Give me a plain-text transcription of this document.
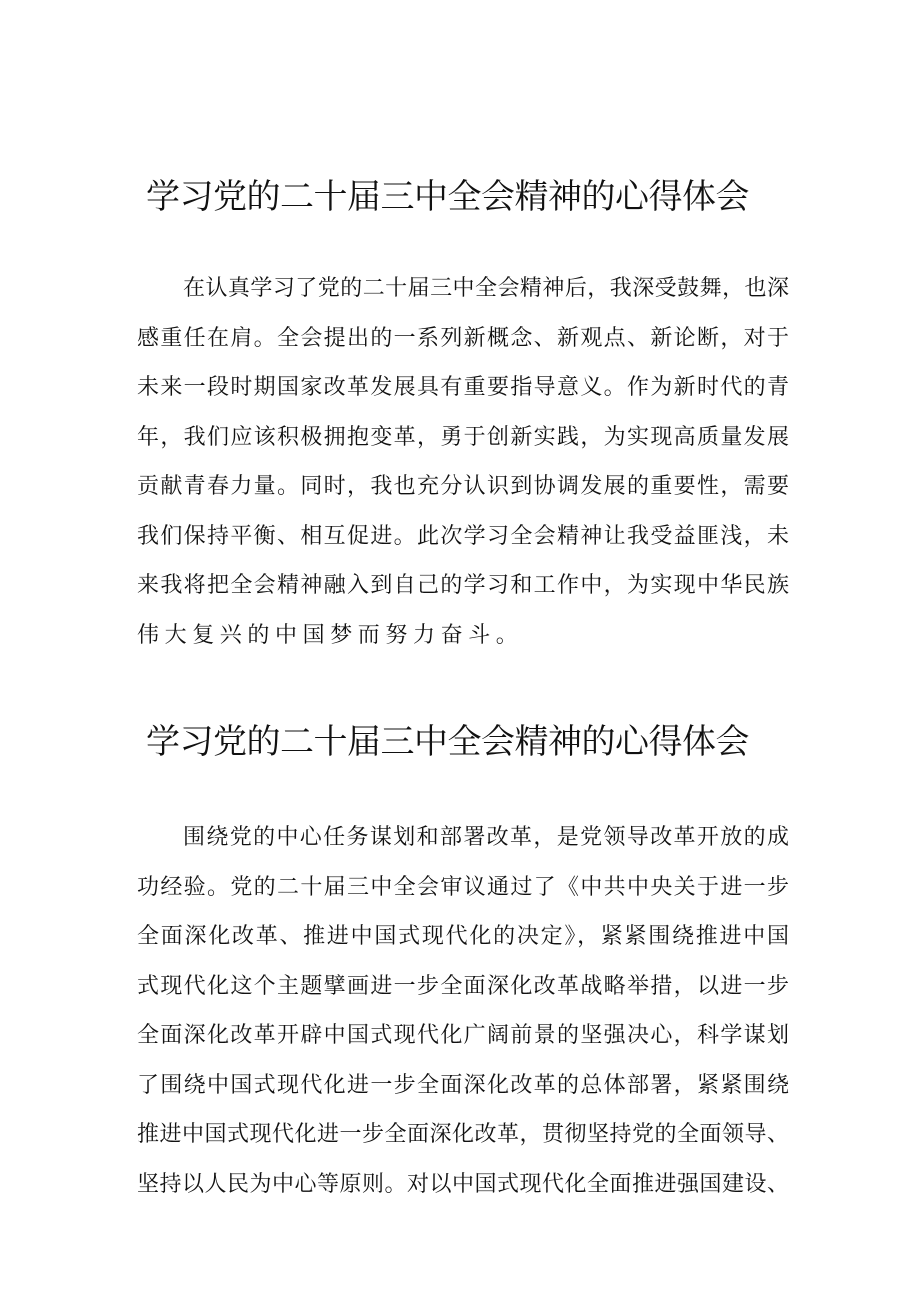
学习党的二十届三中全会精神的心得体会
在认真学习了党的二十届三中全会精神后，我深受鼓舞，也深
感重任在肩。全会提出的一系列新概念、新观点、新论断，对于
未来一段时期国家改革发展具有重要指导意义。作为新时代的青
年，我们应该积极拥抱变革，勇于创新实践，为实现高质量发展
贡献青春力量。同时，我也充分认识到协调发展的重要性，需要
我们保持平衡、相互促进。此次学习全会精神让我受益匪浅，未
来我将把全会精神融入到自己的学习和工作中，为实现中华民族
伟大复兴的中国梦而努力奋斗。
学习党的二十届三中全会精神的心得体会
围绕党的中心任务谋划和部署改革，是党领导改革开放的成
功经验。党的二十届三中全会审议通过了《中共中央关于进一步
全面深化改革、推进中国式现代化的决定》，紧紧围绕推进中国
式现代化这个主题擘画进一步全面深化改革战略举措，以进一步
全面深化改革开辟中国式现代化广阔前景的坚强决心，科学谋划
了围绕中国式现代化进一步全面深化改革的总体部署，紧紧围绕
推进中国式现代化进一步全面深化改革，贯彻坚持党的全面领导、
坚持以人民为中心等原则。对以中国式现代化全面推进强国建设、
